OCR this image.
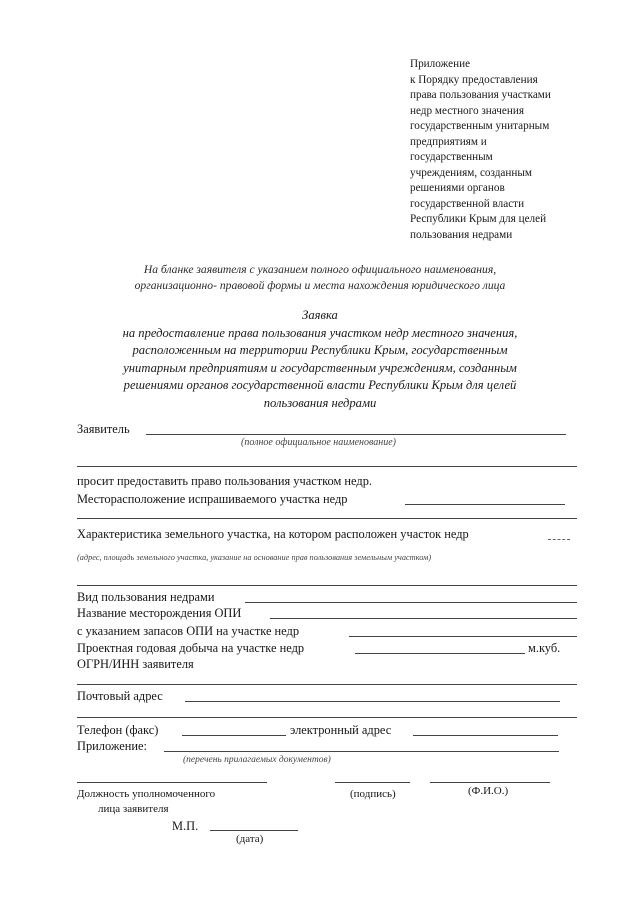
Приложение
к Порядку предоставления
права пользования участками
недр местного значения
государственным унитарным
предприятиям и
государственным
учреждениям, созданным
решениями органов
государственной власти
Республики Крым для целей
пользования недрами
На бланке заявителя с указанием полного официального наименования,
организационно- правовой формы и места нахождения юридического лица
Заявка
на предоставление права пользования участком недр местного значения,
расположенным на территории Республики Крым, государственным
унитарным предприятиям и государственным учреждениям, созданным
решениями органов государственной власти Республики Крым для целей
пользования недрами
Заявитель
(полное официальное наименование)
просит предоставить право пользования участком недр.
Месторасположение испрашиваемого участка недр
Характеристика земельного участка, на котором расположен участок недр
(адрес, площадь земельного участка, указание на основание прав пользования земельным участком)
Вид пользования недрами
Название месторождения ОПИ
с указанием запасов ОПИ на участке недр
Проектная годовая добыча на участке недр	м.куб.
ОГРН/ИНН заявителя
Почтовый адрес
Телефон (факс)	электронный адрес
Приложение:
(перечень прилагаемых документов)
Должность уполномоченного
лица заявителя
(подпись)	(Ф.И.О.)
М.П.
(дата)
